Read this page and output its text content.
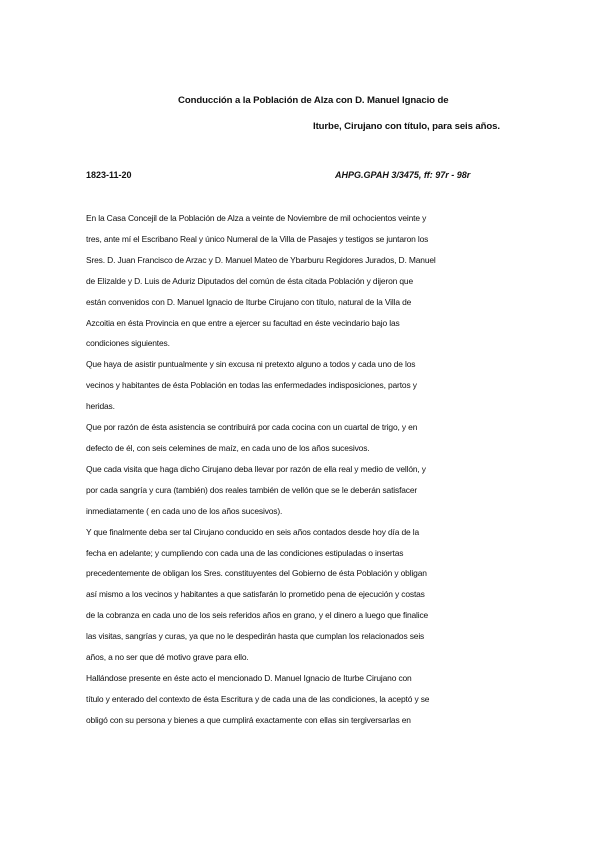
Conducción a la Población de Alza con D. Manuel Ignacio de
Iturbe, Cirujano con título, para seis años.
1823-11-20	AHPG.GPAH 3/3475, ff: 97r - 98r
En la Casa Concejil de la Población de Alza a veinte de Noviembre de mil ochocientos veinte y
tres, ante mí el Escribano Real y único Numeral de la Villa de Pasajes y testigos se juntaron los
Sres. D. Juan Francisco de Arzac y D. Manuel Mateo de Ybarburu Regidores Jurados, D. Manuel
de Elizalde y D. Luis de Aduriz Diputados del común de ésta citada Población y dijeron que
están convenidos con D. Manuel Ignacio de Iturbe Cirujano con título, natural de la Villa de
Azcoitia en ésta Provincia en que entre a ejercer su facultad en éste vecindario bajo las
condiciones siguientes.
Que haya de asistir puntualmente y sin excusa ni pretexto alguno a todos y cada uno de los
vecinos y habitantes de ésta Población en todas las enfermedades indisposiciones, partos y
heridas.
Que por razón de ésta asistencia se contribuirá por cada cocina con un cuartal de trigo, y en
defecto de él, con seis celemines de maíz, en cada uno de los años sucesivos.
Que cada visita que haga dicho Cirujano deba llevar por razón de ella real y medio de vellón, y
por cada sangría y cura (también) dos reales también de vellón que se le deberán satisfacer
inmediatamente ( en cada uno de los años sucesivos).
Y que finalmente deba ser tal Cirujano conducido en seis años contados desde hoy día de la
fecha en adelante; y cumpliendo con cada una de las condiciones estipuladas o insertas
precedentemente de obligan los Sres. constituyentes del Gobierno de ésta Población y obligan
así mismo a los vecinos y habitantes a que satisfarán lo prometido pena de ejecución y costas
de la cobranza en cada uno de los seis referidos años en grano, y el dinero a luego que finalice
las visitas, sangrías y curas, ya que no le despedirán hasta que cumplan los relacionados seis
años, a no ser que dé motivo grave para ello.
Hallándose presente en éste acto el mencionado D. Manuel Ignacio de Iturbe Cirujano con
título y enterado del contexto de ésta Escritura y de cada una de las condiciones, la aceptó y se
obligó con su persona y bienes a que cumplirá exactamente con ellas sin tergiversarlas en
